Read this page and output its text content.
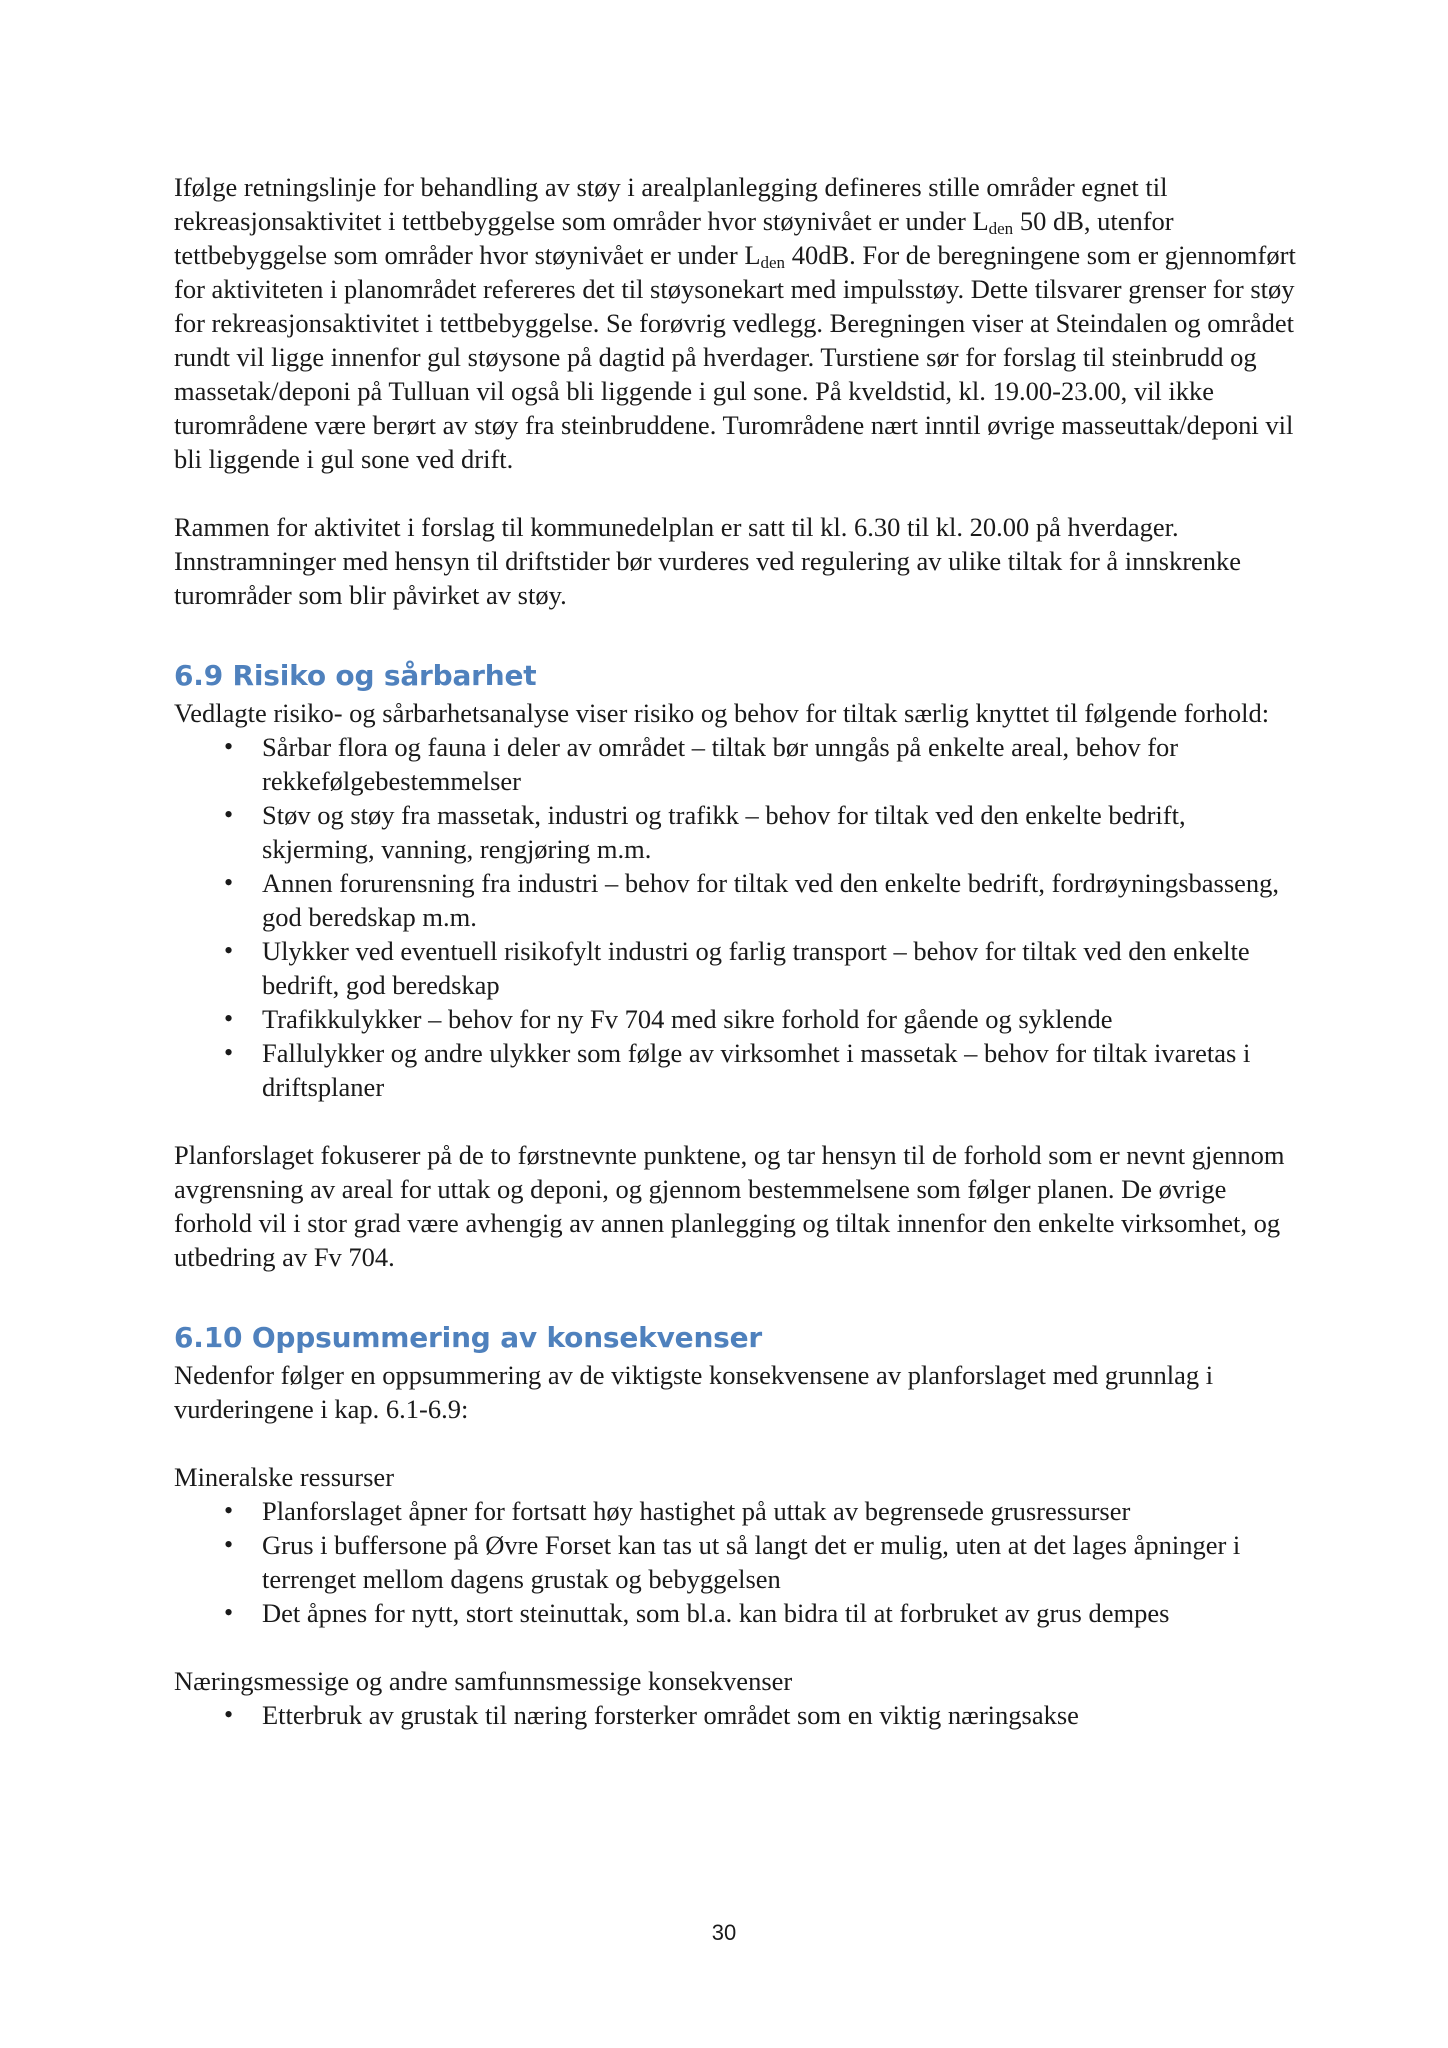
Ifølge retningslinje for behandling av støy i arealplanlegging defineres stille områder egnet til rekreasjonsaktivitet i tettbebyggelse som områder hvor støynivået er under $L_{den}$ 50 dB, utenfor tettbebyggelse som områder hvor støynivået er under $L_{den}$ 40dB. For de beregningene som er gjennomført for aktiviteten i planområdet refereres det til støysonekart med impulsstøy. Dette tilsvarer grenser for støy for rekreasjonsaktivitet i tettbebyggelse. Se forøvrig vedlegg. Beregningen viser at Steindalen og området rundt vil ligge innenfor gul støysone på dagtid på hverdager. Turstiene sør for forslag til steinbrudd og massetak/deponi på Tulluan vil også bli liggende i gul sone. På kveldstid, kl. 19.00-23.00, vil ikke turområdene være berørt av støy fra steinbruddene. Turområdene nært inntil øvrige masseuttak/deponi vil bli liggende i gul sone ved drift.

Rammen for aktivitet i forslag til kommunedelplan er satt til kl. 6.30 til kl. 20.00 på hverdager. Innstramninger med hensyn til driftstider bør vurderes ved regulering av ulike tiltak for å innskrenke turområder som blir påvirket av støy.

6.9 Risiko og sårbarhet

Vedlagte risiko- og sårbarhetsanalyse viser risiko og behov for tiltak særlig knyttet til følgende forhold:

• Sårbar flora og fauna i deler av området – tiltak bør unngås på enkelte areal, behov for rekkefølgebestemmelser
• Støv og støy fra massetak, industri og trafikk – behov for tiltak ved den enkelte bedrift, skjerming, vanning, rengjøring m.m.
• Annen forurensning fra industri – behov for tiltak ved den enkelte bedrift, fordrøyningsbasseng, god beredskap m.m.
• Ulykker ved eventuell risikofylt industri og farlig transport – behov for tiltak ved den enkelte bedrift, god beredskap
• Trafikkulykker – behov for ny Fv 704 med sikre forhold for gående og syklende
• Fallulykker og andre ulykker som følge av virksomhet i massetak – behov for tiltak ivaretas i driftsplaner

Planforslaget fokuserer på de to førstnevnte punktene, og tar hensyn til de forhold som er nevnt gjennom avgrensning av areal for uttak og deponi, og gjennom bestemmelsene som følger planen. De øvrige forhold vil i stor grad være avhengig av annen planlegging og tiltak innenfor den enkelte virksomhet, og utbedring av Fv 704.

6.10 Oppsummering av konsekvenser

Nedenfor følger en oppsummering av de viktigste konsekvensene av planforslaget med grunnlag i vurderingene i kap. 6.1-6.9:

Mineralske ressurser

• Planforslaget åpner for fortsatt høy hastighet på uttak av begrensede grusressurser
• Grus i buffersone på Øvre Forset kan tas ut så langt det er mulig, uten at det lages åpninger i terrenget mellom dagens grustak og bebyggelsen
• Det åpnes for nytt, stort steinuttak, som bl.a. kan bidra til at forbruket av grus dempes

Næringsmessige og andre samfunnsmessige konsekvenser

• Etterbruk av grustak til næring forsterker området som en viktig næringsakse
30
